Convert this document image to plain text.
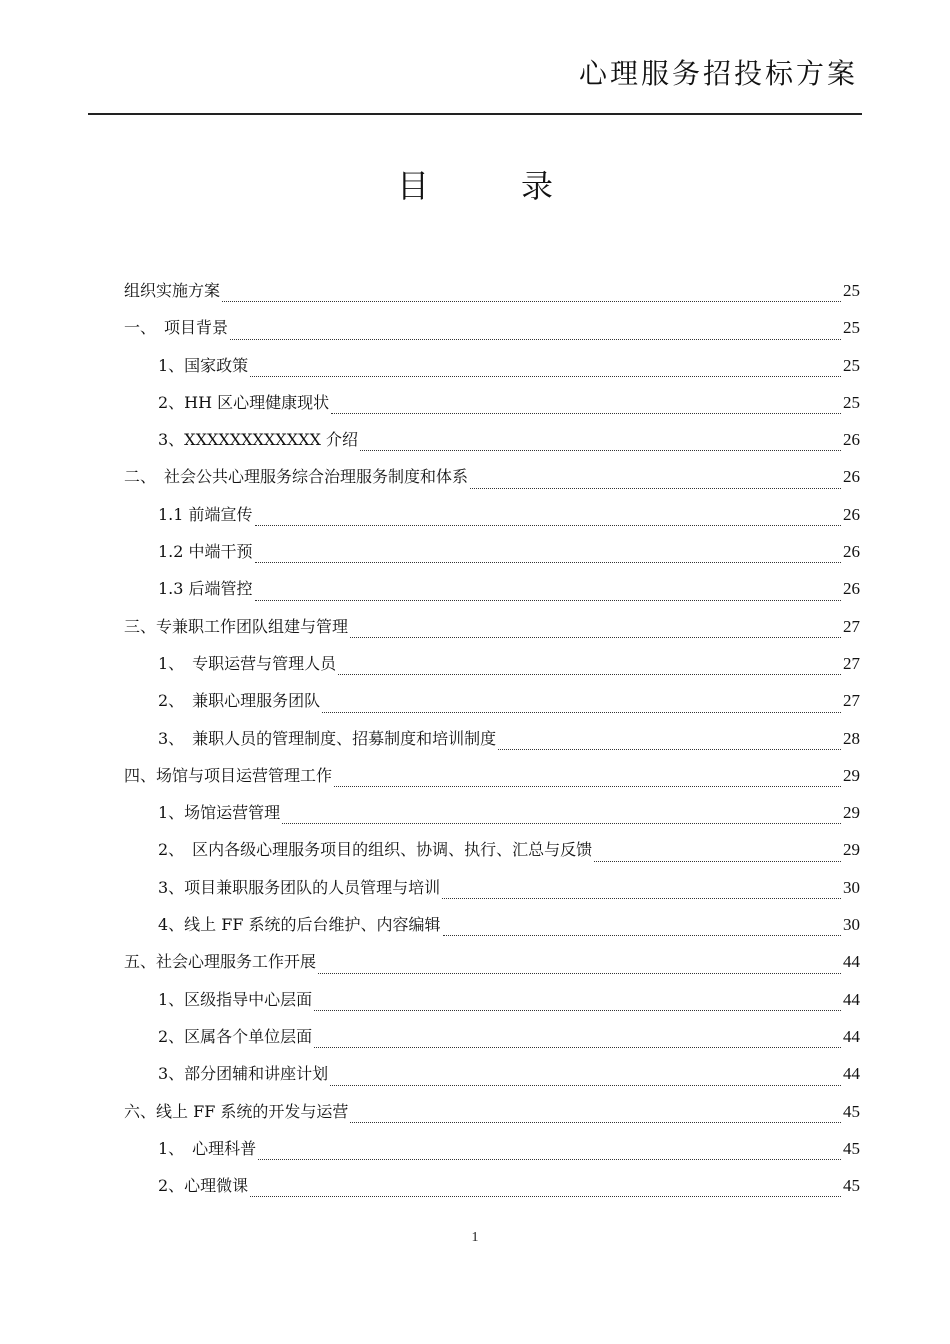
心理服务招投标方案
目	录
组织实施方案	25
一、　项目背景	25
1、国家政策	25
2、HH 区心理健康现状	25
3、XXXXXXXXXXXX 介绍	26
二、　社会公共心理服务综合治理服务制度和体系	26
1.1 前端宣传	26
1.2 中端干预	26
1.3 后端管控	26
三、专兼职工作团队组建与管理	27
1、　专职运营与管理人员	27
2、　兼职心理服务团队	27
3、　兼职人员的管理制度、招募制度和培训制度	28
四、场馆与项目运营管理工作	29
1、场馆运营管理	29
2、　区内各级心理服务项目的组织、协调、执行、汇总与反馈	29
3、项目兼职服务团队的人员管理与培训	30
4、线上 FF 系统的后台维护、内容编辑	30
五、社会心理服务工作开展	44
1、区级指导中心层面	44
2、区属各个单位层面	44
3、部分团辅和讲座计划	44
六、线上 FF 系统的开发与运营	45
1、　心理科普	45
2、心理微课	45
1
